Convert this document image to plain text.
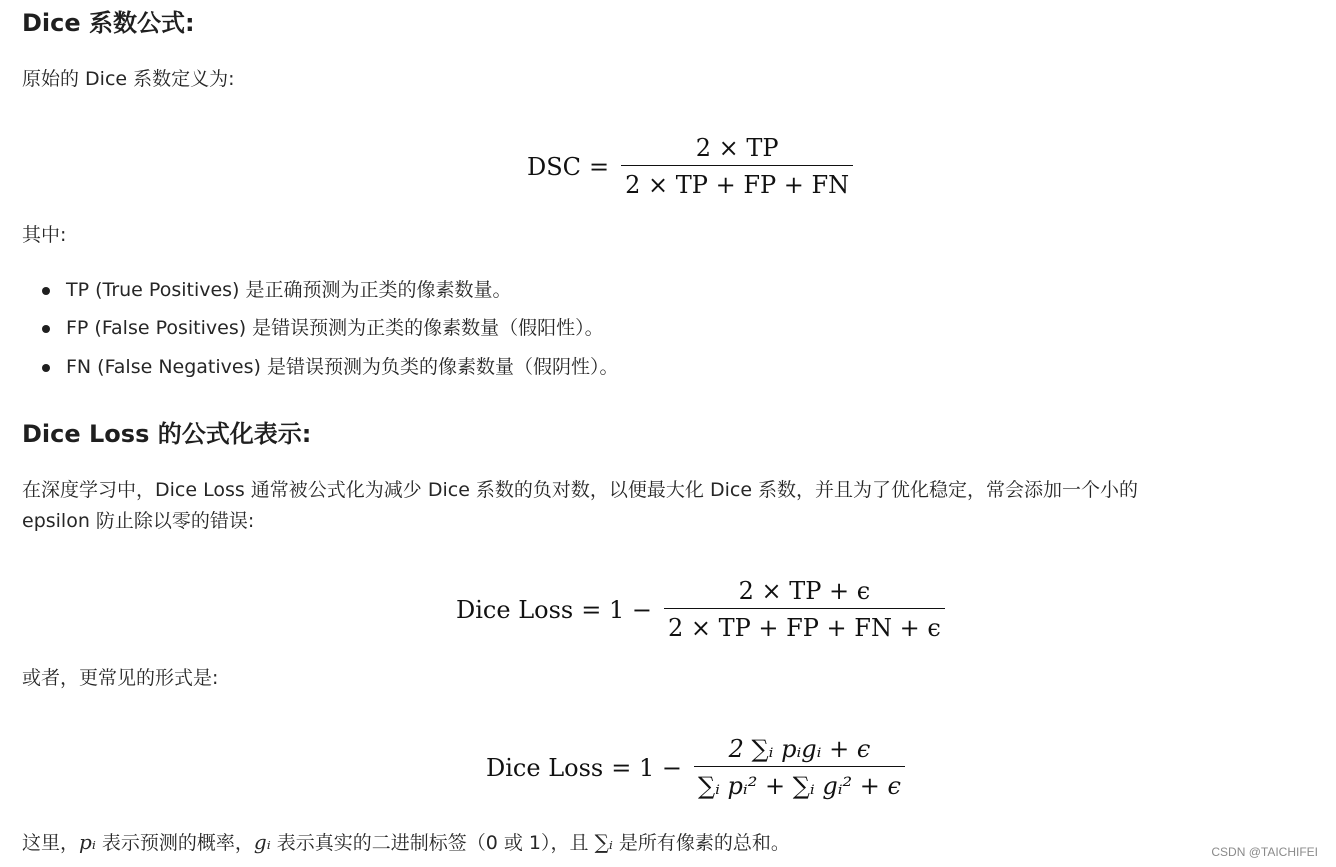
Dice 系数公式:
原始的 Dice 系数定义为:
DSC = $\frac{2 \times TP}{2 \times TP + FP + FN}$
其中:
TP (True Positives) 是正确预测为正类的像素数量。
FP (False Positives) 是错误预测为正类的像素数量（假阳性）。
FN (False Negatives) 是错误预测为负类的像素数量（假阴性）。
Dice Loss 的公式化表示:
在深度学习中，Dice Loss 通常被公式化为减少 Dice 系数的负对数，以便最大化 Dice 系数，并且为了优化稳定，常会添加一个小的
epsilon 防止除以零的错误:
Dice Loss = $1 - \frac{2 \times TP + \epsilon}{2 \times TP + FP + FN + \epsilon}$
或者，更常见的形式是:
Dice Loss = $1 - \frac{\text{2 ∑ᵢ pᵢgᵢ + ϵ}}{\text{∑ᵢ pᵢ² + ∑ᵢ gᵢ² + ϵ}}$
这里，pᵢ 表示预测的概率，gᵢ 表示真实的二进制标签（0 或 1），且 ∑ᵢ 是所有像素的总和。	CSDN @TAICHIFEI
